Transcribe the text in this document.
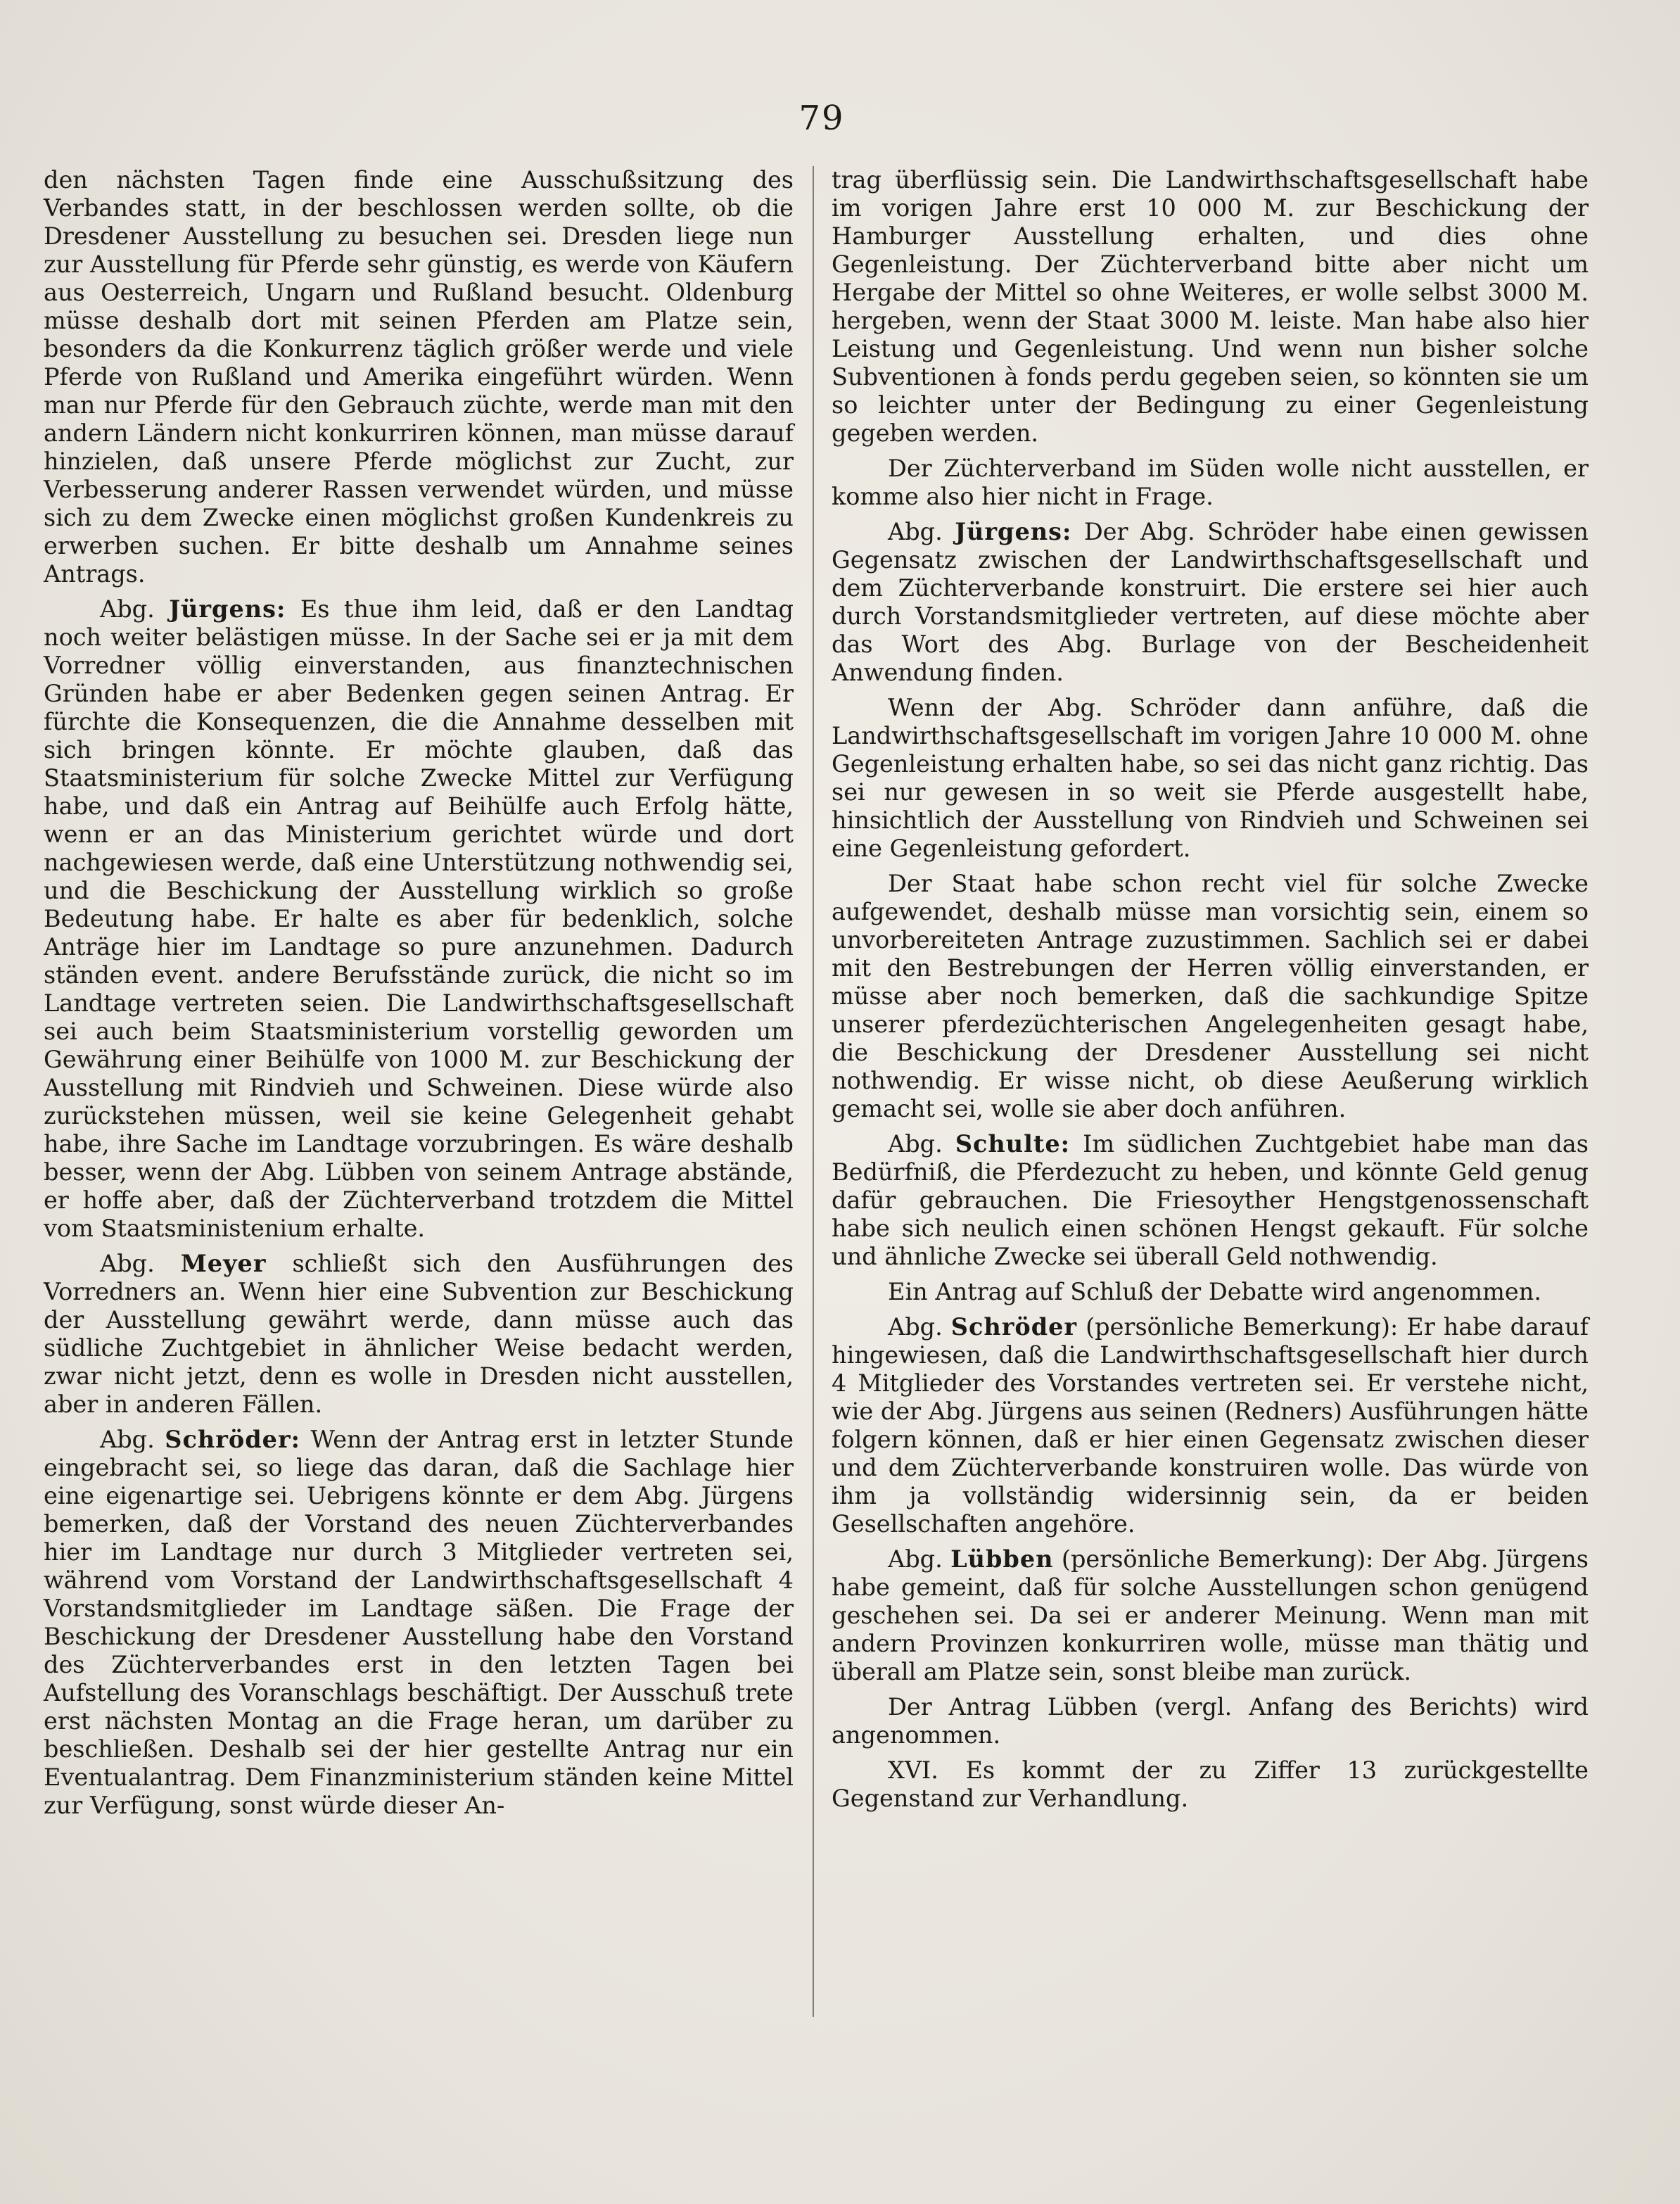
79

den nächsten Tagen finde eine Ausschußsitzung des Verbandes statt, in der beschlossen werden sollte, ob die Dresdener Ausstellung zu besuchen sei. Dresden liege nun zur Ausstellung für Pferde sehr günstig, es werde von Käufern aus Oesterreich, Ungarn und Rußland besucht. Oldenburg müsse deshalb dort mit seinen Pferden am Platze sein, besonders da die Konkurrenz täglich größer werde und viele Pferde von Rußland und Amerika eingeführt würden. Wenn man nur Pferde für den Gebrauch züchte, werde man mit den andern Ländern nicht konkurriren können, man müsse darauf hinzielen, daß unsere Pferde möglichst zur Zucht, zur Verbesserung anderer Rassen verwendet würden, und müsse sich zu dem Zwecke einen möglichst großen Kundenkreis zu erwerben suchen. Er bitte deshalb um Annahme seines Antrags.

Abg. Jürgens: Es thue ihm leid, daß er den Landtag noch weiter belästigen müsse. In der Sache sei er ja mit dem Vorredner völlig einverstanden, aus finanztechnischen Gründen habe er aber Bedenken gegen seinen Antrag. Er fürchte die Konsequenzen, die die Annahme desselben mit sich bringen könnte. Er möchte glauben, daß das Staatsministerium für solche Zwecke Mittel zur Verfügung habe, und daß ein Antrag auf Beihülfe auch Erfolg hätte, wenn er an das Ministerium gerichtet würde und dort nachgewiesen werde, daß eine Unterstützung nothwendig sei, und die Beschickung der Ausstellung wirklich so große Bedeutung habe. Er halte es aber für bedenklich, solche Anträge hier im Landtage so pure anzunehmen. Dadurch ständen event. andere Berufsstände zurück, die nicht so im Landtage vertreten seien. Die Landwirthschaftsgesellschaft sei auch beim Staatsministerium vorstellig geworden um Gewährung einer Beihülfe von 1000 M. zur Beschickung der Ausstellung mit Rindvieh und Schweinen. Diese würde also zurückstehen müssen, weil sie keine Gelegenheit gehabt habe, ihre Sache im Landtage vorzubringen. Es wäre deshalb besser, wenn der Abg. Lübben von seinem Antrage abstände, er hoffe aber, daß der Züchterverband trotzdem die Mittel vom Staatsministenium erhalte.

Abg. Meyer schließt sich den Ausführungen des Vorredners an. Wenn hier eine Subvention zur Beschickung der Ausstellung gewährt werde, dann müsse auch das südliche Zuchtgebiet in ähnlicher Weise bedacht werden, zwar nicht jetzt, denn es wolle in Dresden nicht ausstellen, aber in anderen Fällen.

Abg. Schröder: Wenn der Antrag erst in letzter Stunde eingebracht sei, so liege das daran, daß die Sachlage hier eine eigenartige sei. Uebrigens könnte er dem Abg. Jürgens bemerken, daß der Vorstand des neuen Züchterverbandes hier im Landtage nur durch 3 Mitglieder vertreten sei, während vom Vorstand der Landwirthschaftsgesellschaft 4 Vorstandsmitglieder im Landtage säßen. Die Frage der Beschickung der Dresdener Ausstellung habe den Vorstand des Züchterverbandes erst in den letzten Tagen bei Aufstellung des Voranschlags beschäftigt. Der Ausschuß trete erst nächsten Montag an die Frage heran, um darüber zu beschließen. Deshalb sei der hier gestellte Antrag nur ein Eventualantrag. Dem Finanzministerium ständen keine Mittel zur Verfügung, sonst würde dieser An-

trag überflüssig sein. Die Landwirthschaftsgesellschaft habe im vorigen Jahre erst 10 000 M. zur Beschickung der Hamburger Ausstellung erhalten, und dies ohne Gegenleistung. Der Züchterverband bitte aber nicht um Hergabe der Mittel so ohne Weiteres, er wolle selbst 3000 M. hergeben, wenn der Staat 3000 M. leiste. Man habe also hier Leistung und Gegenleistung. Und wenn nun bisher solche Subventionen à fonds perdu gegeben seien, so könnten sie um so leichter unter der Bedingung zu einer Gegenleistung gegeben werden.

Der Züchterverband im Süden wolle nicht ausstellen, er komme also hier nicht in Frage.

Abg. Jürgens: Der Abg. Schröder habe einen gewissen Gegensatz zwischen der Landwirthschaftsgesellschaft und dem Züchterverbande konstruirt. Die erstere sei hier auch durch Vorstandsmitglieder vertreten, auf diese möchte aber das Wort des Abg. Burlage von der Bescheidenheit Anwendung finden.

Wenn der Abg. Schröder dann anführe, daß die Landwirthschaftsgesellschaft im vorigen Jahre 10 000 M. ohne Gegenleistung erhalten habe, so sei das nicht ganz richtig. Das sei nur gewesen in so weit sie Pferde ausgestellt habe, hinsichtlich der Ausstellung von Rindvieh und Schweinen sei eine Gegenleistung gefordert.

Der Staat habe schon recht viel für solche Zwecke aufgewendet, deshalb müsse man vorsichtig sein, einem so unvorbereiteten Antrage zuzustimmen. Sachlich sei er dabei mit den Bestrebungen der Herren völlig einverstanden, er müsse aber noch bemerken, daß die sachkundige Spitze unserer pferdezüchterischen Angelegenheiten gesagt habe, die Beschickung der Dresdener Ausstellung sei nicht nothwendig. Er wisse nicht, ob diese Aeußerung wirklich gemacht sei, wolle sie aber doch anführen.

Abg. Schulte: Im südlichen Zuchtgebiet habe man das Bedürfniß, die Pferdezucht zu heben, und könnte Geld genug dafür gebrauchen. Die Friesoyther Hengstgenossenschaft habe sich neulich einen schönen Hengst gekauft. Für solche und ähnliche Zwecke sei überall Geld nothwendig.

Ein Antrag auf Schluß der Debatte wird angenommen.

Abg. Schröder (persönliche Bemerkung): Er habe darauf hingewiesen, daß die Landwirthschaftsgesellschaft hier durch 4 Mitglieder des Vorstandes vertreten sei. Er verstehe nicht, wie der Abg. Jürgens aus seinen (Redners) Ausführungen hätte folgern können, daß er hier einen Gegensatz zwischen dieser und dem Züchterverbande konstruiren wolle. Das würde von ihm ja vollständig widersinnig sein, da er beiden Gesellschaften angehöre.

Abg. Lübben (persönliche Bemerkung): Der Abg. Jürgens habe gemeint, daß für solche Ausstellungen schon genügend geschehen sei. Da sei er anderer Meinung. Wenn man mit andern Provinzen konkurriren wolle, müsse man thätig und überall am Platze sein, sonst bleibe man zurück.

Der Antrag Lübben (vergl. Anfang des Berichts) wird angenommen.

XVI. Es kommt der zu Ziffer 13 zurückgestellte Gegenstand zur Verhandlung.
